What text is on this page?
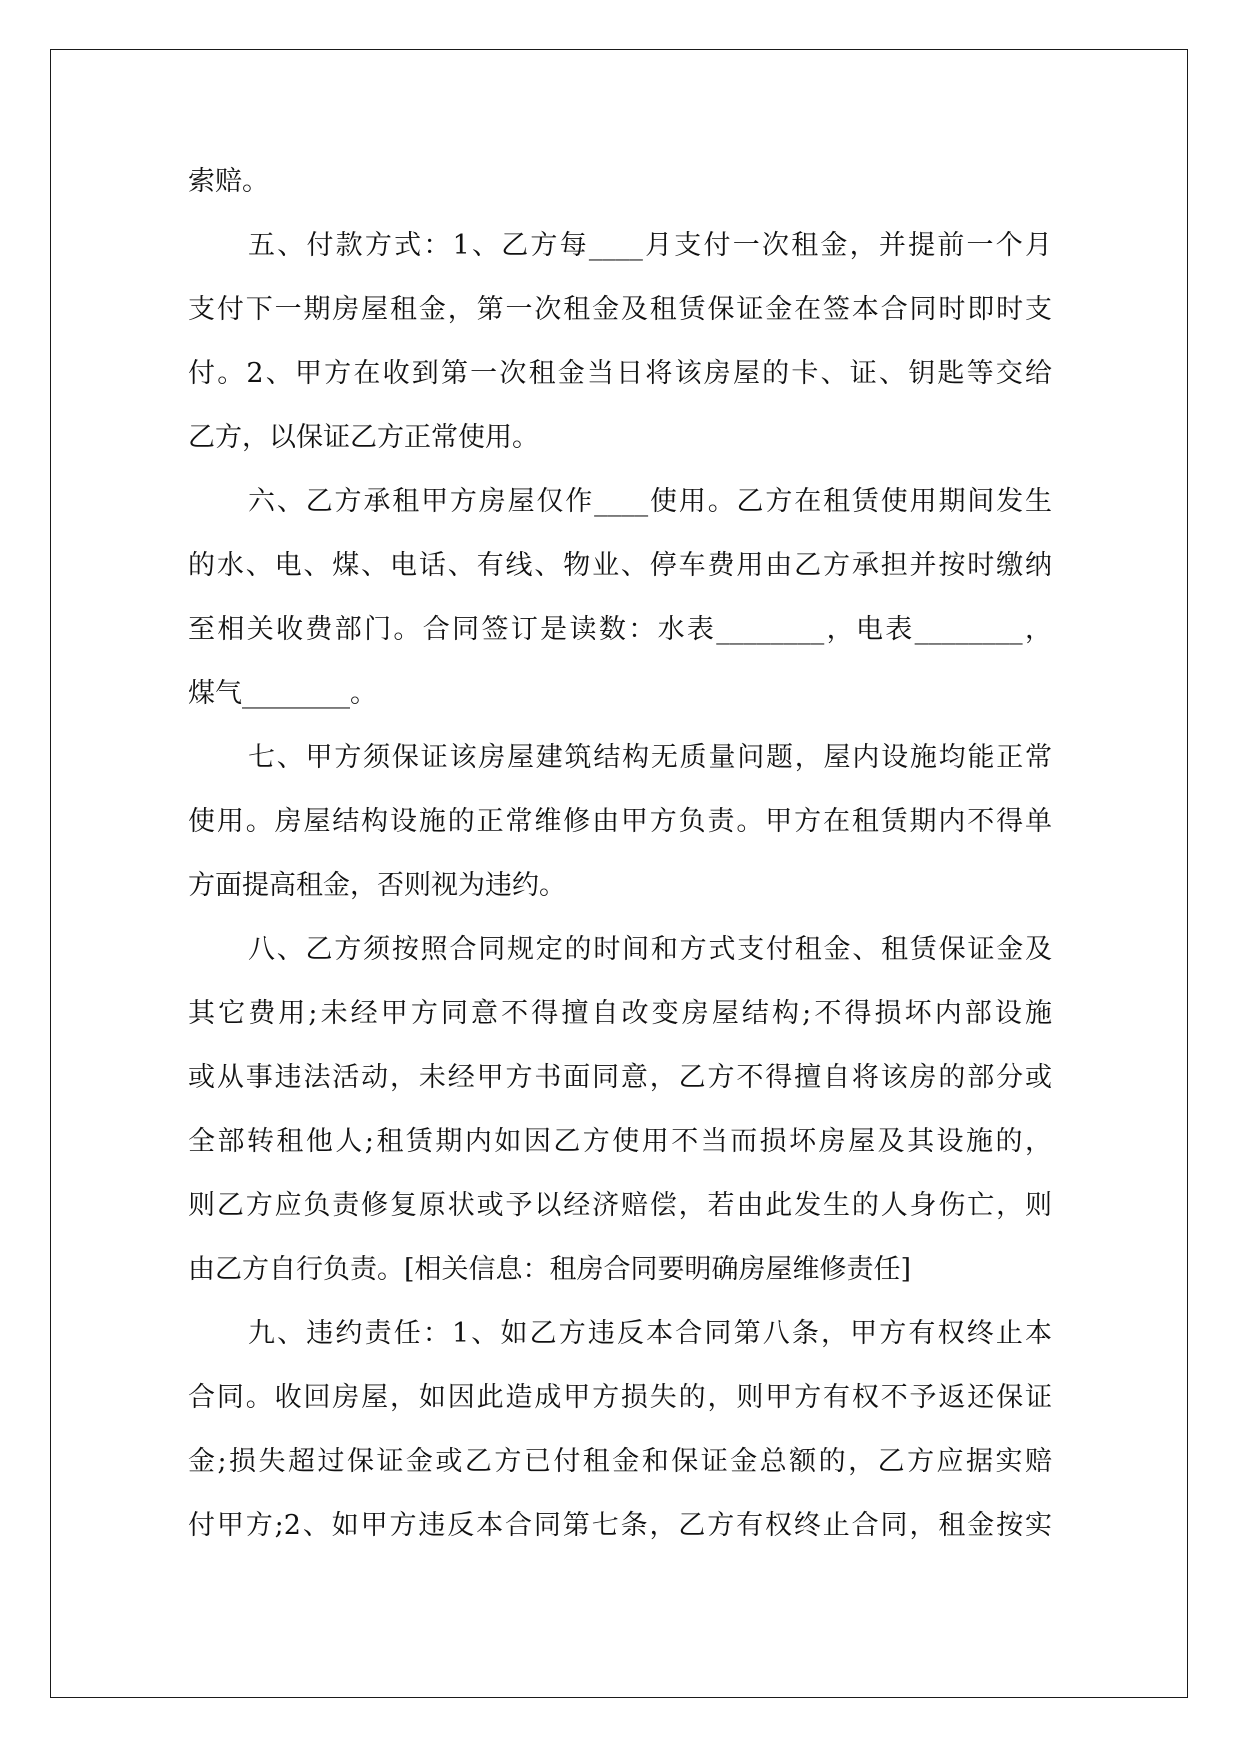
索赔。
五、付款方式：1、乙方每____月支付一次租金，并提前一个月
支付下一期房屋租金，第一次租金及租赁保证金在签本合同时即时支
付。2、甲方在收到第一次租金当日将该房屋的卡、证、钥匙等交给
乙方，以保证乙方正常使用。
六、乙方承租甲方房屋仅作____使用。乙方在租赁使用期间发生
的水、电、煤、电话、有线、物业、停车费用由乙方承担并按时缴纳
至相关收费部门。合同签订是读数：水表________，电表________，
煤气________。
七、甲方须保证该房屋建筑结构无质量问题，屋内设施均能正常
使用。房屋结构设施的正常维修由甲方负责。甲方在租赁期内不得单
方面提高租金，否则视为违约。
八、乙方须按照合同规定的时间和方式支付租金、租赁保证金及
其它费用;未经甲方同意不得擅自改变房屋结构;不得损坏内部设施
或从事违法活动，未经甲方书面同意，乙方不得擅自将该房的部分或
全部转租他人;租赁期内如因乙方使用不当而损坏房屋及其设施的，
则乙方应负责修复原状或予以经济赔偿，若由此发生的人身伤亡，则
由乙方自行负责。[相关信息：租房合同要明确房屋维修责任]
九、违约责任：1、如乙方违反本合同第八条，甲方有权终止本
合同。收回房屋，如因此造成甲方损失的，则甲方有权不予返还保证
金;损失超过保证金或乙方已付租金和保证金总额的，乙方应据实赔
付甲方;2、如甲方违反本合同第七条，乙方有权终止合同，租金按实
